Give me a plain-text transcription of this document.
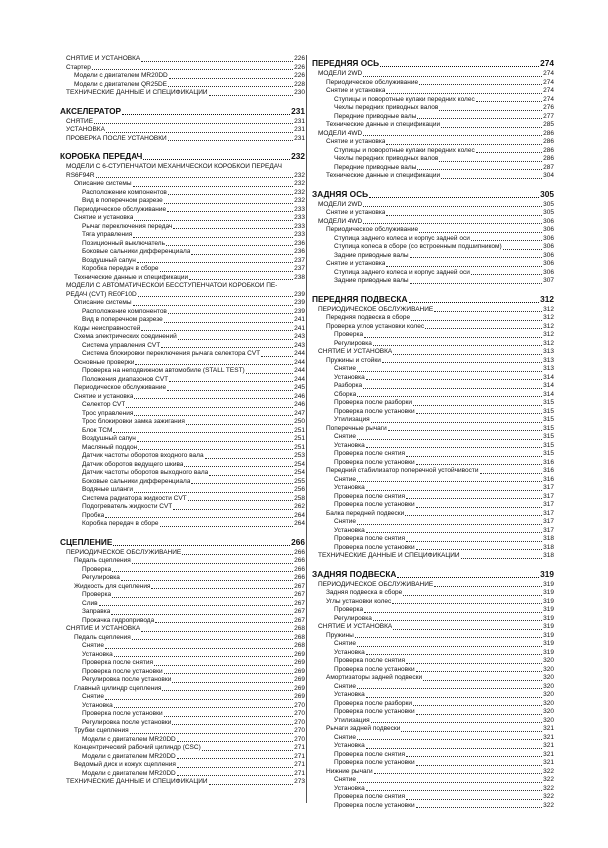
СНЯТИЕ И УСТАНОВКА	226
Стартер	226
Модели с двигателем MR20DD	226
Модели с двигателем QR25DE	228
ТЕХНИЧЕСКИЕ ДАННЫЕ И СПЕЦИФИКАЦИИ	230
АКСЕЛЕРАТОР	231
СНЯТИЕ	231
УСТАНОВКА	231
ПРОВЕРКА ПОСЛЕ УСТАНОВКИ	231
КОРОБКА ПЕРЕДАЧ	232
МОДЕЛИ С 6-СТУПЕНЧАТОЙ МЕХАНИЧЕСКОЙ КОРОБКОЙ ПЕРЕДАЧ
RS6F94R	232
Описание системы	232
Расположение компонентов	232
Вид в поперечном разрезе	232
Периодическое обслуживание	233
Снятие и установка	233
Рычаг переключения передач	233
Тяга управления	233
Позиционный выключатель	236
Боковые сальники дифференциала	236
Воздушный сапун	237
Коробка передач в сборе	237
Технические данные и спецификации	238
МОДЕЛИ С АВТОМАТИЧЕСКОЙ БЕССТУПЕНЧАТОЙ КОРОБКОЙ ПЕ-
РЕДАЧ (CVT) RE0F10D	239
Описание системы	239
Расположение компонентов	239
Вид в поперечном разрезе	241
Коды неисправностей	241
Схема электрических соединений	243
Система управления CVT	243
Система блокировки переключения рычага селектора CVT	244
Основные проверки	244
Проверка на неподвижном автомобиле (STALL TEST)	244
Положения диапазонов CVT	244
Периодическое обслуживание	245
Снятие и установка	246
Селектор CVT	246
Трос управления	247
Трос блокировки замка зажигания	250
Блок TCM	251
Воздушный сапун	251
Масляный поддон	251
Датчик частоты оборотов входного вала	253
Датчик оборотов ведущего шкива	254
Датчик частоты оборотов выходного вала	254
Боковые сальники дифференциала	255
Водяные шланги	256
Система радиатора жидкости CVT	258
Подогреватель жидкости CVT	262
Пробка	264
Коробка передач в сборе	264
СЦЕПЛЕНИЕ	266
ПЕРИОДИЧЕСКОЕ ОБСЛУЖИВАНИЕ	266
Педаль сцепления	266
Проверка	266
Регулировка	266
Жидкость для сцепления	267
Проверка	267
Слив	267
Заправка	267
Прокачка гидропривода	267
СНЯТИЕ И УСТАНОВКА	268
Педаль сцепления	268
Снятие	268
Установка	269
Проверка после снятия	269
Проверка после установки	269
Регулировка после установки	269
Главный цилиндр сцепления	269
Снятие	269
Установка	270
Проверка после установки	270
Регулировка после установки	270
Трубки сцепления	270
Модели с двигателем MR20DD	270
Концентрический рабочий цилиндр (CSC)	271
Модели с двигателем MR20DD	271
Ведомый диск и кожух сцепления	271
Модели с двигателем MR20DD	271
ТЕХНИЧЕСКИЕ ДАННЫЕ И СПЕЦИФИКАЦИИ	273
ПЕРЕДНЯЯ ОСЬ	274
МОДЕЛИ 2WD	274
Периодическое обслуживание	274
Снятие и установка	274
Ступицы и поворотные кулаки передних колес	274
Чехлы передних приводных валов	276
Передние приводные валы	277
Технические данные и спецификации	285
МОДЕЛИ 4WD	286
Снятие и установка	286
Ступицы и поворотные кулаки передних колес	286
Чехлы передних приводных валов	286
Передние приводные валы	287
Технические данные и спецификации	304
ЗАДНЯЯ ОСЬ	305
МОДЕЛИ 2WD	305
Снятие и установка	305
МОДЕЛИ 4WD	306
Периодическое обслуживание	306
Ступица заднего колеса и корпус задней оси	306
Ступица колеса в сборе (со встроенным подшипником)	306
Задние приводные валы	306
Снятие и установка	306
Ступица заднего колеса и корпус задней оси	306
Задние приводные валы	307
ПЕРЕДНЯЯ ПОДВЕСКА	312
ПЕРИОДИЧЕСКОЕ ОБСЛУЖИВАНИЕ	312
Передняя подвеска в сборе	312
Проверка углов установки колес	312
Проверка	312
Регулировка	312
СНЯТИЕ И УСТАНОВКА	313
Пружины и стойки	313
Снятие	313
Установка	314
Разборка	314
Сборка	314
Проверка после разборки	315
Проверка после установки	315
Утилизация	315
Поперечные рычаги	315
Снятие	315
Установка	315
Проверка после снятия	315
Проверка после установки	316
Передний стабилизатор поперечной устойчивости	316
Снятие	316
Установка	317
Проверка после снятия	317
Проверка после установки	317
Балка передней подвески	317
Снятие	317
Установка	317
Проверка после снятия	318
Проверка после установки	318
ТЕХНИЧЕСКИЕ ДАННЫЕ И СПЕЦИФИКАЦИИ	318
ЗАДНЯЯ ПОДВЕСКА	319
ПЕРИОДИЧЕСКОЕ ОБСЛУЖИВАНИЕ	319
Задняя подвеска в сборе	319
Углы установки колес	319
Проверка	319
Регулировка	319
СНЯТИЕ И УСТАНОВКА	319
Пружины	319
Снятие	319
Установка	319
Проверка после снятия	320
Проверка после установки	320
Амортизаторы задней подвески	320
Снятие	320
Установка	320
Проверка после разборки	320
Проверка после установки	320
Утилизация	320
Рычаги задней подвески	321
Снятие	321
Установка	321
Проверка после снятия	321
Проверка после установки	321
Нижние рычаги	322
Снятие	322
Установка	322
Проверка после снятия	322
Проверка после установки	322
